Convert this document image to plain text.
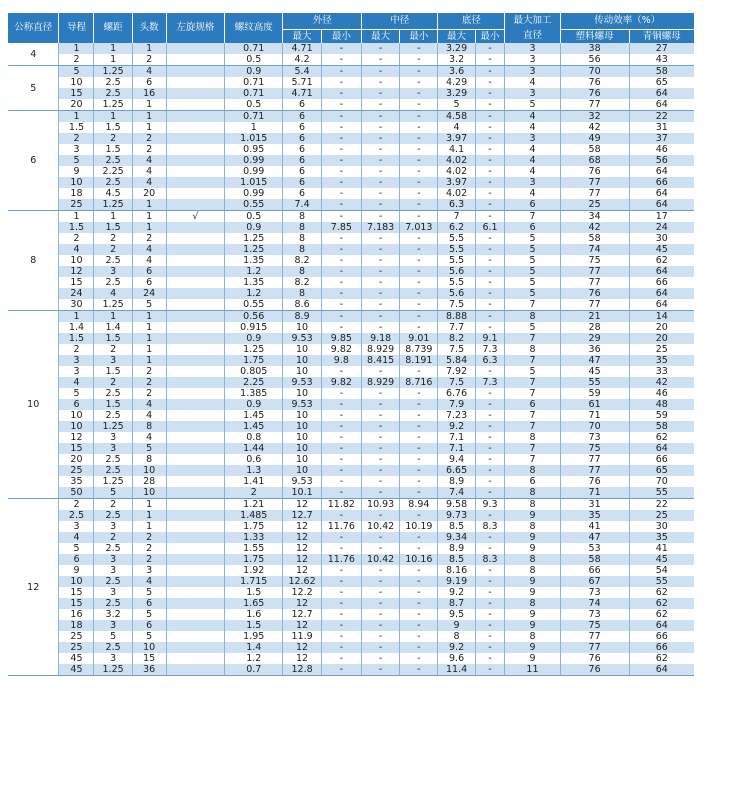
公称直径	导程	螺距	头数	左旋规格	螺纹高度	外径		中径		底径		最大加工	传动效率（%）	
						最大	最小	最大	最小	最大	最小	直径	塑料螺母	青铜螺母
4	1	1	1		0.71	4.71	-	-	-	3.29	-	3	38	27
	2	1	2		0.5	4.2	-	-	-	3.2	-	3	56	43
5	5	1.25	4		0.9	5.4	-	-	-	3.6	-	3	70	58
	10	2.5	6		0.71	5.71	-	-	-	4.29	-	4	76	65
	15	2.5	16		0.71	4.71	-	-	-	3.29	-	3	76	64
	20	1.25	1		0.5	6	-	-	-	5	-	5	77	64
6	1	1	1		0.71	6	-	-	-	4.58	-	4	32	22
	1.5	1.5	1		1	6	-	-	-	4	-	4	42	31
	2	2	2		1.015	6	-	-	-	3.97	-	3	49	37
	3	1.5	2		0.95	6	-	-	-	4.1	-	4	58	46
	5	2.5	4		0.99	6	-	-	-	4.02	-	4	68	56
	9	2.25	4		0.99	6	-	-	-	4.02	-	4	76	64
	10	2.5	4		1.015	6	-	-	-	3.97	-	3	77	66
	18	4.5	20		0.99	6	-	-	-	4.02	-	4	77	64
	25	1.25	1		0.55	7.4	-	-	-	6.3	-	6	25	64
8	1	1	1	√	0.5	8	-	-	-	7	-	7	34	17
	1.5	1.5	1		0.9	8	7.85	7.183	7.013	6.2	6.1	6	42	24
	2	2	2		1.25	8	-	-	-	5.5	-	5	58	30
	4	2	4		1.25	8	-	-	-	5.5	-	5	74	45
	10	2.5	4		1.35	8.2	-	-	-	5.5	-	5	75	62
	12	3	6		1.2	8	-	-	-	5.6	-	5	77	64
	15	2.5	6		1.35	8.2	-	-	-	5.5	-	5	77	66
	24	4	24		1.2	8	-	-	-	5.6	-	5	76	64
	30	1.25	5		0.55	8.6	-	-	-	7.5	-	7	77	64
10	1	1	1		0.56	8.9	-	-	-	8.88	-	8	21	14
	1.4	1.4	1		0.915	10	-	-	-	7.7	-	5	28	20
	1.5	1.5	1		0.9	9.53	9.85	9.18	9.01	8.2	9.1	7	29	20
	2	2	1		1.25	10	9.82	8.929	8.739	7.5	7.3	8	36	25
	3	3	1		1.75	10	9.8	8.415	8.191	5.84	6.3	7	47	35
	3	1.5	2		0.805	10	-	-	-	7.92	-	5	45	33
	4	2	2		2.25	9.53	9.82	8.929	8.716	7.5	7.3	7	55	42
	5	2.5	2		1.385	10	-	-	-	6.76	-	7	59	46
	6	1.5	4		0.9	9.53	-	-	-	7.9	-	6	61	48
	10	2.5	4		1.45	10	-	-	-	7.23	-	7	71	59
	10	1.25	8		1.45	10	-	-	-	9.2	-	7	70	58
	12	3	4		0.8	10	-	-	-	7.1	-	8	73	62
	15	3	5		1.44	10	-	-	-	7.1	-	7	75	64
	20	2.5	8		0.6	10	-	-	-	9.4	-	7	77	66
	25	2.5	10		1.3	10	-	-	-	6.65	-	8	77	65
	35	1.25	28		1.41	9.53	-	-	-	8.9	-	6	76	70
	50	5	10		2	10.1	-	-	-	7.4	-	8	71	55
12	2	2	1		1.21	12	11.82	10.93	8.94	9.58	9.3	8	31	22
	2.5	2.5	1		1.485	12.7	-	-	-	9.73	-	9	35	25
	3	3	1		1.75	12	11.76	10.42	10.19	8.5	8.3	8	41	30
	4	2	2		1.33	12	-	-	-	9.34	-	9	47	35
	5	2.5	2		1.55	12	-	-	-	8.9	-	9	53	41
	6	3	2		1.75	12	11.76	10.42	10.16	8.5	8.3	8	58	45
	9	3	3		1.92	12	-	-	-	8.16	-	8	66	54
	10	2.5	4		1.715	12.62	-	-	-	9.19	-	9	67	55
	15	3	5		1.5	12.2	-	-	-	9.2	-	9	73	62
	15	2.5	6		1.65	12	-	-	-	8.7	-	8	74	62
	16	3.2	5		1.6	12.7	-	-	-	9.5	-	9	73	62
	18	3	6		1.5	12	-	-	-	9	-	9	75	64
	25	5	5		1.95	11.9	-	-	-	8	-	8	77	66
	25	2.5	10		1.4	12	-	-	-	9.2	-	9	77	66
	45	3	15		1.2	12	-	-	-	9.6	-	9	76	62
	45	1.25	36		0.7	12.8	-	-	-	11.4	-	11	76	64
